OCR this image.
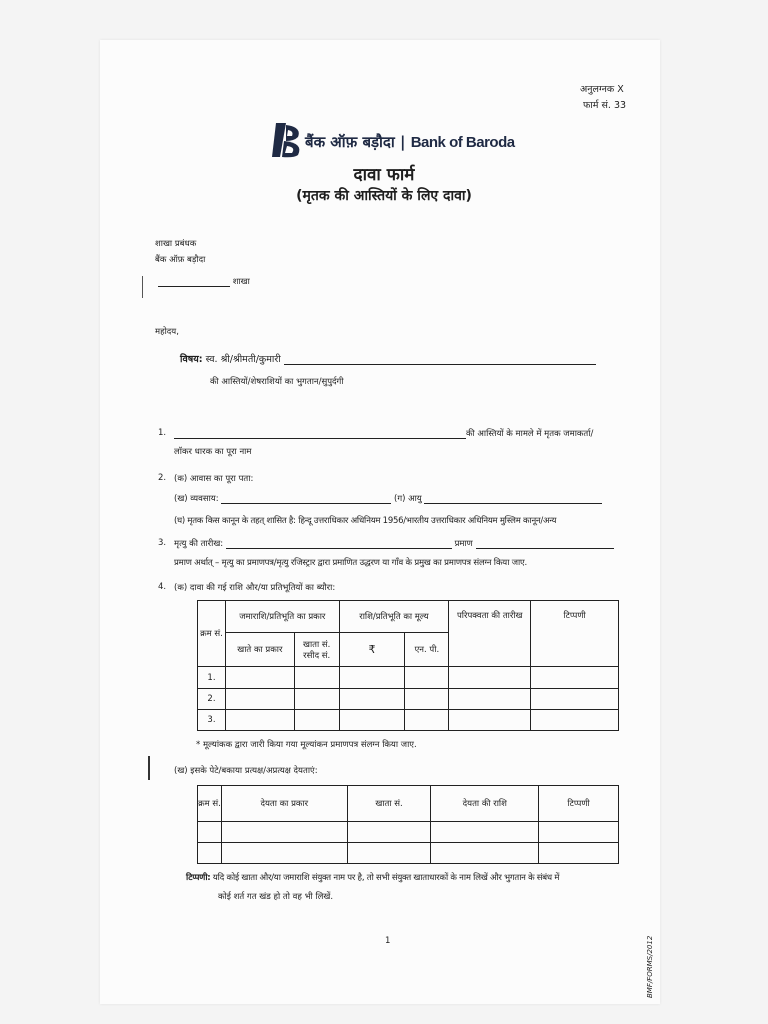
अनुलग्नक X
फार्म सं. 33
बैंक ऑफ़ बड़ौदा | Bank of Baroda
दावा फार्म
(मृतक की आस्तियों के लिए दावा)
शाखा प्रबंधक
बैंक ऑफ़ बड़ौदा
शाखा
महोदय,
विषय: स्व. श्री/श्रीमती/कुमारी
की आस्तियों/शेषराशियों का भुगतान/सुपुर्दगी
1.	की आस्तियों के मामले में मृतक जमाकर्ता/
लॉकर धारक का पूरा नाम
2. (क) आवास का पूरा पता:
(ख) व्यवसाय:	(ग) आयु
(घ) मृतक किस कानून के तहत् शासित है: हिन्दू उत्तराधिकार अधिनियम 1956/भारतीय उत्तराधिकार अधिनियम मुस्लिम कानून/अन्य
3. मृत्यु की तारीख:	प्रमाण
प्रमाण अर्थात् – मृत्यु का प्रमाणपत्र/मृत्यु रजिस्ट्रार द्वारा प्रमाणित उद्धरण या गाँव के प्रमुख का प्रमाणपत्र संलग्न किया जाए.
4. (क) दावा की गई राशि और/या प्रतिभूतियों का ब्यौरा:
क्रम सं.	जमाराशि/प्रतिभूति का प्रकार		राशि/प्रतिभूति का मूल्य		परिपक्वता की तारीख	टिप्पणी
	खाते का प्रकार	खाता सं. रसीद सं.	₹	एन. पी.		
1.						
2.						
3.						
* मूल्यांकक द्वारा जारी किया गया मूल्यांकन प्रमाणपत्र संलग्न किया जाए.
(ख) इसके पेटे/बकाया प्रत्यक्ष/अप्रत्यक्ष देयताएं:
क्रम सं.	देयता का प्रकार	खाता सं.	देयता की राशि	टिप्पणी

टिप्पणी: यदि कोई खाता और/या जमाराशि संयुक्त नाम पर है, तो सभी संयुक्त खाताधारकों के नाम लिखें और भुगतान के संबंध में
कोई शर्त गत खंड हो तो वह भी लिखें.
1	BMF/FORMS/2012
